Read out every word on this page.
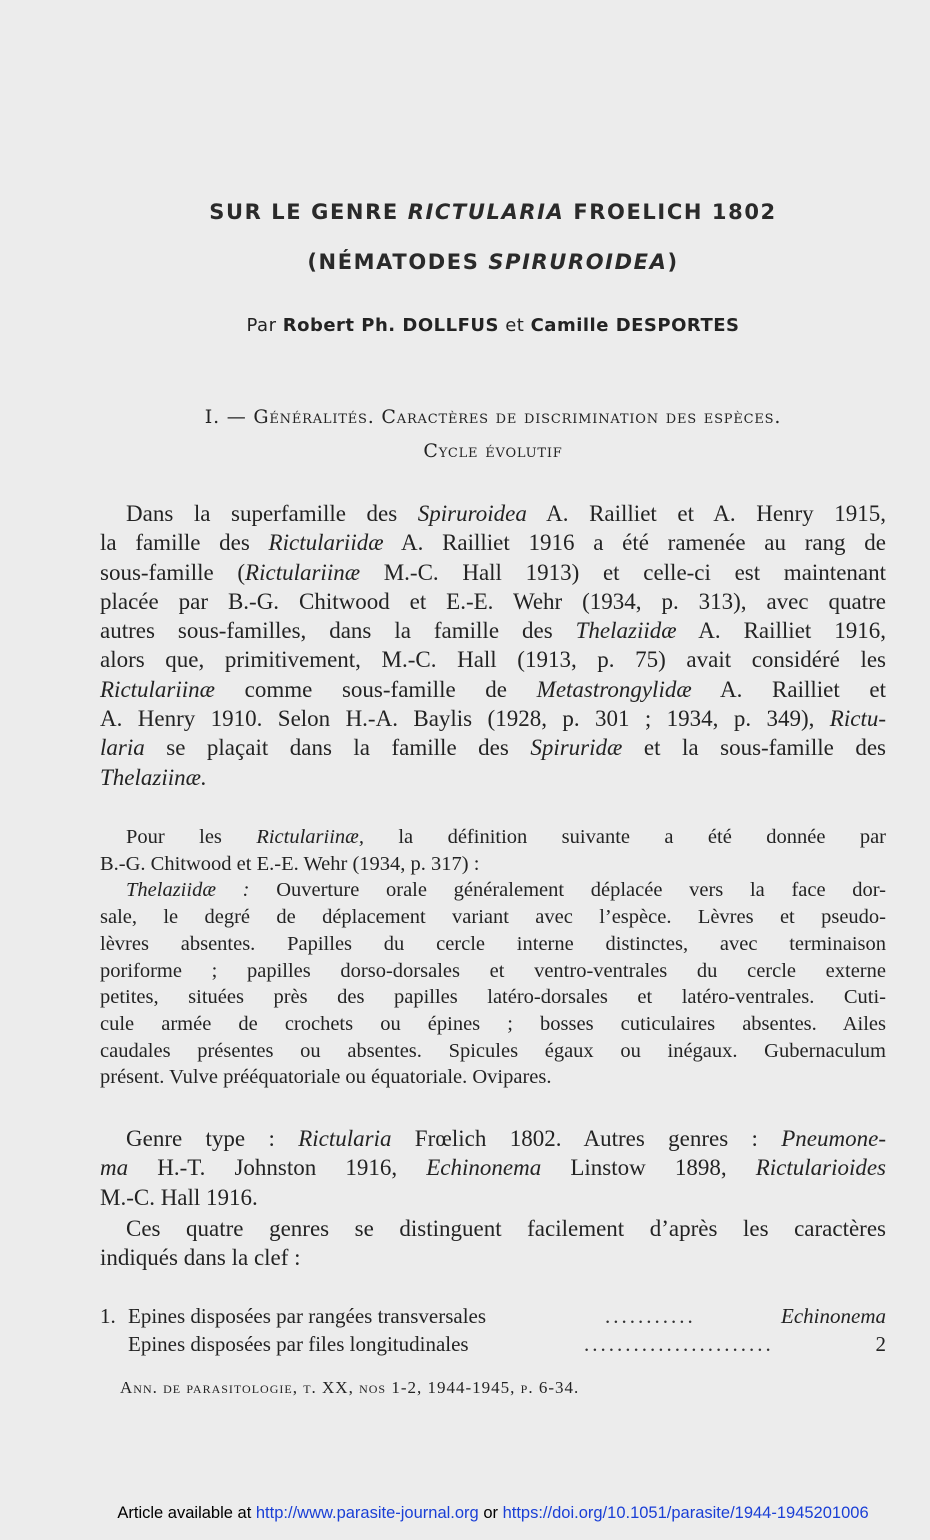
SUR LE GENRE RICTULARIA FROELICH 1802
(NÉMATODES SPIRUROIDEA)
Par Robert Ph. DOLLFUS et Camille DESPORTES
I. — Généralités. Caractères de discrimination des espèces.
Cycle évolutif
Dans la superfamille des Spiruroidea A. Railliet et A. Henry 1915,
la famille des Rictulariidæ A. Railliet 1916 a été ramenée au rang de
sous-famille (Rictulariinæ M.-C. Hall 1913) et celle-ci est maintenant
placée par B.-G. Chitwood et E.-E. Wehr (1934, p. 313), avec quatre
autres sous-familles, dans la famille des Thelaziidæ A. Railliet 1916,
alors que, primitivement, M.-C. Hall (1913, p. 75) avait considéré les
Rictulariinæ comme sous-famille de Metastrongylidæ A. Railliet et
A. Henry 1910. Selon H.-A. Baylis (1928, p. 301 ; 1934, p. 349), Rictu-
laria se plaçait dans la famille des Spiruridæ et la sous-famille des
Thelaziinæ.
Pour les Rictulariinæ, la définition suivante a été donnée par
B.-G. Chitwood et E.-E. Wehr (1934, p. 317) :
Thelaziidæ : Ouverture orale généralement déplacée vers la face dor-
sale, le degré de déplacement variant avec l’espèce. Lèvres et pseudo-
lèvres absentes. Papilles du cercle interne distinctes, avec terminaison
poriforme ; papilles dorso-dorsales et ventro-ventrales du cercle externe
petites, situées près des papilles latéro-dorsales et latéro-ventrales. Cuti-
cule armée de crochets ou épines ; bosses cuticulaires absentes. Ailes
caudales présentes ou absentes. Spicules égaux ou inégaux. Gubernaculum
présent. Vulve prééquatoriale ou équatoriale. Ovipares.
Genre type : Rictularia Frœlich 1802. Autres genres : Pneumone-
ma H.-T. Johnston 1916, Echinonema Linstow 1898, Rictularioides
M.-C. Hall 1916.
Ces quatre genres se distinguent facilement d’après les caractères
indiqués dans la clef :
1. Epines disposées par rangées transversales	...........	Echinonema
Epines disposées par files longitudinales	.......................	2
Ann. de parasitologie, t. XX, nos 1-2, 1944-1945, p. 6-34.
Article available at http://www.parasite-journal.org or https://doi.org/10.1051/parasite/1944-1945201006
